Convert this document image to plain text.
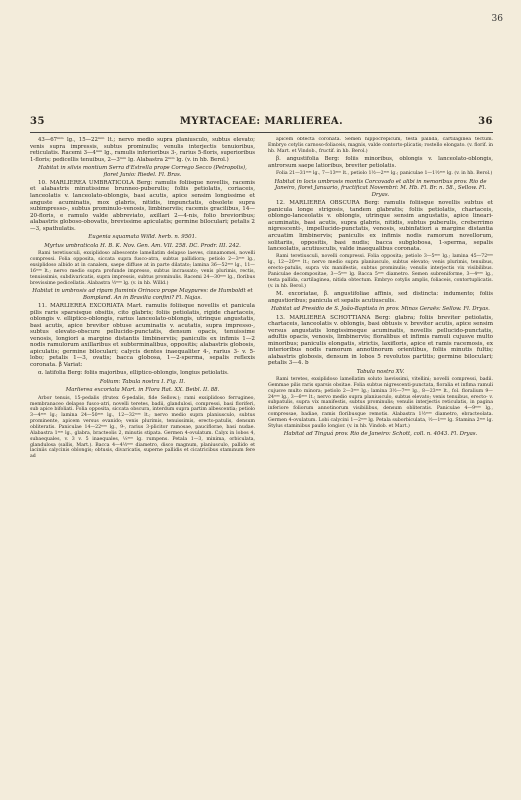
36
35	MYRTACEAE: MARLIEREA.	36

43—67ᵐᵐ lg., 15—22ᵐᵐ lt.; nervo medio supra planiusculo, subtus elevato; venis supra impressis, subtus prominulis; venulis interjectis tenuioribus, reticulatis. Racemi 3—4ᵐᵐ lg., ramulis inferioribus 3-, rarius 5-floris, superioribus 1-floris; pedicellis tenuibus, 2—3ᵐᵐ lg. Alabastra 2ᵐᵐ lg. (v. in hb. Berol.)

Habitat in silvis montium Serra d'Estrella prope Corrego Secco (Petropolis), floret Junio: Riedel. Fl. Bras.

10. MARLIEREA UMBRATICOLA Berg: ramulis foliisque novellis, racemis et alabastris minutissime brunneo-puberulis; foliis petiolatis, coriaceis, lanceolatis v. lanceolato-oblongis, basi acutis, apice sensim longissime et anguste acuminatis, mox glabris, nitidis, impunctatis, obsolete supra subimpresso-, subtus prominulo-venosis, limbinerviis; racemis gracilibus, 14—20-floris, e ramulo valde abbreviato, axillari 2—4-nis, folio brevioribus; alabastris globoso-obovatis, brevissime apiculatis; germine biloculari; petalis 2—3, spathulatis.

Eugenia squamata Willd. herb. n. 9501.

Myrtus umbraticola H. B. K. Nov. Gen. Am. VII. 258. DC. Prodr. III. 242.

Rami teretiusculi, exsiplidoso albescente lamellatim delapso laeves, cinnamomei, novelli compressi. Folia opposita, siccata supra fusco-atra, subtus pallidiora; petiolo 2—3ᵐᵐ lg., exsiplidoso albido at in canalem, saepe diffuse at in parte dilatato; lamina 36—52ᵐᵐ lg., 11—16ᵐᵐ lt.; nervo medio supra profunde impresso, subtus incrassato; venis plurimis, rectis, tenuissimis, subdivaricatis, supra impressis, subtus prominulis. Racemi 24—30ᵐᵐ lg., floribus brevissime pedicellatis. Alabastra ½ᵐᵐ lg. (v. in hb. Willd.)

Habitat in umbrosis ad ripam fluminis Orinoco prope Maypures: de Humboldt et Bompland. An in Brasilia confini? Fl. Najas.

11. MARLIEREA EXCORIATA Mart. ramulis foliisque novellis et panicula pilis raris sparsisque obsitis, cito glabris; foliis petiolatis, rigide chartaceis, oblongis v. elliptico-oblongis, rarius lanceolato-oblongis, utrinque angustatis, basi acutis, apice breviter obtuse acuminatis v. acutatis, supra impresso-, subtus elevato-obscure pellucido-punctatis, densum opacis, tenuissime venosis, longiori a margine distantis limbinerviis; paniculis ex infimis 1—2 nodis ramulorum axillaribus et subterminalibus, oppositis; alabastris globosis, apiculatis; germine biloculari; calycis dentes inaequaliter 4-, rarius 3- v. 5-lobo; petalis 1—3, ovatis; bacca globosa, 1—2-sperma, sepalis reflexis coronata. β Variat:

α. latifolia Berg: foliis majoribus, elliptico-oblongis, longius petiolatis.

Folium: Tabula nostra I. Fig. II.

Marlierea excoriata Mart. in Flora Rat. XX. Beibl. II. 88.

Arbor tenuis, 15-pedalis (frutex 6-pedalis, fide Sellow.); rami exsiplidoso ferrugineo, membranaceo delapso fusco-atri, novelli teretes, badii, glandulosi, compressi, basi floriferi, sub apice bifoliati. Folia opposita, siccata obscura, interdum supra partim albescentia; petiolo 3—4ᵐᵐ lg.; lamina 24—50ᵐᵐ lg., 12—32ᵐᵐ lt.; nervo medio supra planiusculo, subtus prominente, apicem versus evanido; venis plurimis, tenuissimis, erecto-patulis, densum obliteratis. Paniculae 14—22ᵐᵐ lg., 9-, rarius 3-plicitor ramosae, pauciflorae, basi nudae. Alabastra 1ᵐᵐ lg., glabra, bracteolis 2, minutis stipata. Germen 4-ovulatum. Calyx in lobos 4, subaequales, v. 3 v. 5 inaequales, ⅓ᵐᵐ lg. rumpens. Petala 1—3, minima, orbiculata, glandulosa (sallis, Mart.). Bacca 4—4½ᵐᵐ diametro, disco magnum, planiusculo, pallido et laciniis calycinis oblongis; obtusis, divaricatis, superne pallidis et cicatricibus staminum fere ad

apicem obtecta coronata. Semen hippocrepicum, testa pallida, cartilaginea tectum. Embryo cotylis carnoso-foliaceis, magnis, valde contorto-plicatis; rostello elongato. (v. florif. in hb. Mart. et Vindob., fructif. in hb. Berol.)

β. angustifolia Berg: foliis minoribus, oblongis v. lanceolato-oblongis, antrorsum saepe latioribus, breviter petiolatis.

Folia 21—31ᵐᵐ lg., 7—13ᵐᵐ lt., petiolo 1½—2ᵐᵐ lg.; paniculae 1—1½ᵐᵐ lg. (v. in hb. Berol.)

Habitat in locis umbrosis montis Corcovado et alibi in nemoribus prov. Rio de Janeiro, floret Januario, fructificat Novembri: M. Hb. Fl. Br. n. 58., Sellow. Fl. Dryas.

12. MARLIEREA OBSCURA Berg: ramulis foliisque novellis subtus et panicula longe strigosis, tandem glabratis; foliis petiolatis, chartaceis, oblongo-lanceolatis v. oblongis, utrinque sensim angustatis, apice lineari-acuminatis, basi acutis, supra glabris, nitidis, subtus puberulis, creberrimo nigrescenti-, impellucido-punctatis, venosis, subinfatiori a margine distantia arcuatim limbinervis; paniculis ex infimis nodis ramorum novellorum, solitariis, oppositis, basi nudis; bacca subglobosa, 1-sperma, sepalis lanceolatis, acutiusculis, valde inaequalibus coronata.

Rami teretiusculi, novelli compressi. Folia opposita; petiolo 3—5ᵐᵐ lg.; lamina 45—72ᵐᵐ lg., 12—20ᵐᵐ lt.; nervo medio supra planiusculo, subtus elevato; venis plurimis, tenuibus, erecto-patulis, supra vix manifestis, subtus prominulis; venulis interjectis vix visibilibus. Paniculae decompositae, 3—5ᵐᵐ lg. Bacca 5ᵐᵐ diametro. Semen subreniforme, 3—4ᵐᵐ lg., testa pallida, cartilaginea, nitida obtectum. Embryo cotylis amplis, foliaceis, contortuplicatis. (v. in hb. Berol.)

M. excoriatae, β. angustifoliae affinis, sed distincta: indumento; foliis angustioribus; panicula et sepalis acutiusculis.

Habitat ad Presidio de S. João-Baptista in prov. Minas Geraës: Sellow. Fl. Dryas.

13. MARLIEREA SCHOTTIANA Berg: glabra; foliis breviter petiolatis, chartaceis, lanceolatis v. oblongis, basi obtusis v. breviter acutis, apice sensim versus angustatis longissimeque acuminatis, novellis pellucido-punctatis, adultis opacis, venosis, limbinervis; floralibus et infimis ramuli cujusve multo minoribus; paniculis elongatis, strictis, laxifloris, apice et ramis racemosis, ex interioribus nodis ramorum annotinorum orientibus, foliis minutis fultis; alabastris globosis, densum in lobos 5 revolutos partitis; germine biloculari; petalis 3—4. b

Tabula nostra XV.

Rami teretes, exsiplidoso lamellatim soluto laevissimi, vitellini; novelli compressi, badii. Gemmae pilis raris sparsis obsitae. Folia subtus nigrescenti-punctata, floralia et infima ramuli cujusve multo minora; petiolo 2—3ᵐᵐ lg.; lamina 3½—7ᵐᵐ lg., 8—23ᵐᵐ lt., fol. floralium 9—24ᵐᵐ lg., 3—6ᵐᵐ lt.; nervo medio supra planiusculo, subtus elevato; venis tenuibus, erecto- v. subpatulis, supra vix manifestis, subtus prominulis; venulis interjectis reticulatis, in pagina inferiore foliorum annotinorum visibilibus, densum obliteratis. Paniculae 4—9ᵐᵐ lg., compressae, badiae, ramis floribusque remotis. Alabastra 1½ᵐᵐ diametro, ebracteolata. Germen 4-ovulatum. Lobi calycini 1—2ᵐᵐ lg. Petala suborbiculata, ½—1ᵐᵐ lg. Stamina 2ᵐᵐ lg. Stylus staminibus paullo longior. (v. in hb. Vindob. et Mart.)

Habitat ad Tinguá prov. Rio de Janeiro: Schott, coll. n. 4043. Fl. Dryas.
